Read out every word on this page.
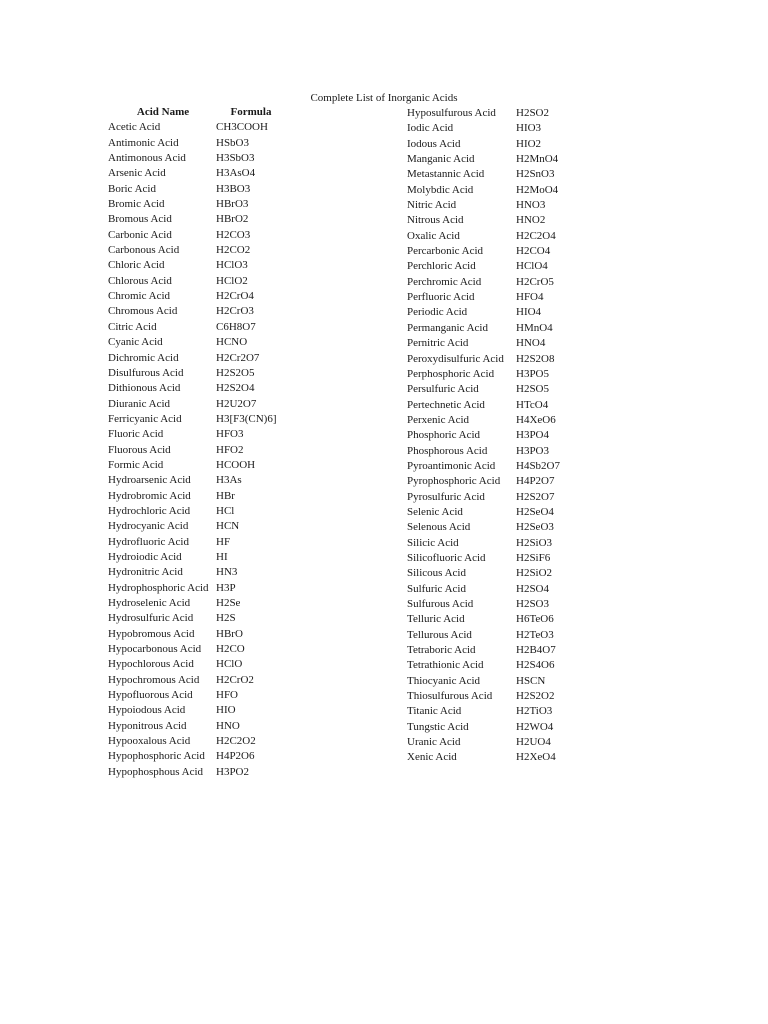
Complete List of Inorganic Acids
Acid Name	Formula
Acetic Acid	CH3COOH
Antimonic Acid	HSbO3
Antimonous Acid	H3SbO3
Arsenic Acid	H3AsO4
Boric Acid	H3BO3
Bromic Acid	HBrO3
Bromous Acid	HBrO2
Carbonic Acid	H2CO3
Carbonous Acid	H2CO2
Chloric Acid	HClO3
Chlorous Acid	HClO2
Chromic Acid	H2CrO4
Chromous Acid	H2CrO3
Citric Acid	C6H8O7
Cyanic Acid	HCNO
Dichromic Acid	H2Cr2O7
Disulfurous Acid	H2S2O5
Dithionous Acid	H2S2O4
Diuranic Acid	H2U2O7
Ferricyanic Acid	H3[F3(CN)6]
Fluoric Acid	HFO3
Fluorous Acid	HFO2
Formic Acid	HCOOH
Hydroarsenic Acid	H3As
Hydrobromic Acid	HBr
Hydrochloric Acid	HCl
Hydrocyanic Acid	HCN
Hydrofluoric Acid	HF
Hydroiodic Acid	HI
Hydronitric Acid	HN3
Hydrophosphoric Acid H3P
Hydroselenic Acid	H2Se
Hydrosulfuric Acid	H2S
Hypobromous Acid	HBrO
Hypocarbonous Acid	H2CO
Hypochlorous Acid	HClO
Hypochromous Acid	H2CrO2
Hypofluorous Acid	HFO
Hypoiodous Acid	HIO
Hyponitrous Acid	HNO
Hypooxalous Acid	H2C2O2
Hypophosphoric Acid	H4P2O6
Hypophosphous Acid	H3PO2
Hyposulfurous Acid	H2SO2
Iodic Acid	HIO3
Iodous Acid	HIO2
Manganic Acid	H2MnO4
Metastannic Acid	H2SnO3
Molybdic Acid	H2MoO4
Nitric Acid	HNO3
Nitrous Acid	HNO2
Oxalic Acid	H2C2O4
Percarbonic Acid	H2CO4
Perchloric Acid	HClO4
Perchromic Acid	H2CrO5
Perfluoric Acid	HFO4
Periodic Acid	HIO4
Permanganic Acid	HMnO4
Pernitric Acid	HNO4
Peroxydisulfuric Acid	H2S2O8
Perphosphoric Acid	H3PO5
Persulfuric Acid	H2SO5
Pertechnetic Acid	HTcO4
Perxenic Acid	H4XeO6
Phosphoric Acid	H3PO4
Phosphorous Acid	H3PO3
Pyroantimonic Acid	H4Sb2O7
Pyrophosphoric Acid	H4P2O7
Pyrosulfuric Acid	H2S2O7
Selenic Acid	H2SeO4
Selenous Acid	H2SeO3
Silicic Acid	H2SiO3
Silicofluoric Acid	H2SiF6
Silicous Acid	H2SiO2
Sulfuric Acid	H2SO4
Sulfurous Acid	H2SO3
Telluric Acid	H6TeO6
Tellurous Acid	H2TeO3
Tetraboric Acid	H2B4O7
Tetrathionic Acid	H2S4O6
Thiocyanic Acid	HSCN
Thiosulfurous Acid	H2S2O2
Titanic Acid	H2TiO3
Tungstic Acid	H2WO4
Uranic Acid	H2UO4
Xenic Acid	H2XeO4
